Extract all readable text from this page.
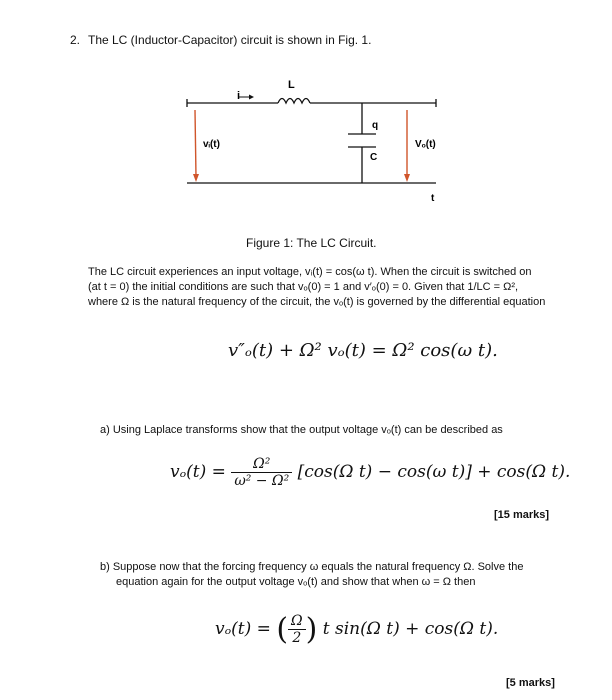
2. The LC (Inductor-Capacitor) circuit is shown in Fig. 1.
L
i
q
C
vᵢ(t)	Vₒ(t)
t
Figure 1: The LC Circuit.
The LC circuit experiences an input voltage, vᵢ(t) = cos(ω t). When the circuit is switched on
(at t = 0) the initial conditions are such that vₒ(0) = 1 and v′ₒ(0) = 0. Given that 1/LC = Ω²,
where Ω is the natural frequency of the circuit, the vₒ(t) is governed by the differential equation
v″ₒ(t) + Ω² vₒ(t) = Ω² cos(ω t).
a) Using Laplace transforms show that the output voltage vₒ(t) can be described as
$v_o(t) = \frac{\text{Ω²}}{\text{ω² − Ω²}} [\cos(\Omega$ t) − cos(ω t)] + cos(Ω t).
[15 marks]
b) Suppose now that the forcing frequency ω equals the natural frequency Ω. Solve the
equation again for the output voltage vₒ(t) and show that when ω = Ω then
vₒ(t) = ( $\frac{\Omega}{2}$ ) t sin(Ω t) + cos(Ω t).
[5 marks]
